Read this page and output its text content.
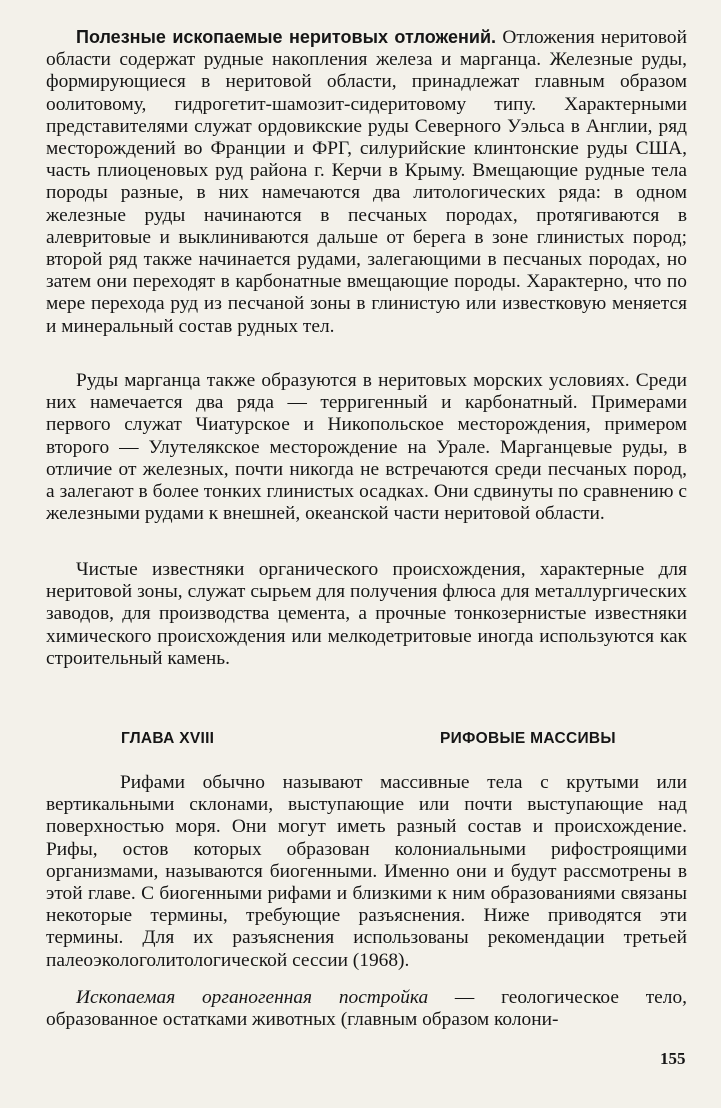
Полезные ископаемые неритовых отложений. Отложения неритовой области содержат рудные накопления железа и марганца. Железные руды, формирующиеся в неритовой области, принадлежат главным образом оолитовому, гидрогетит-шамозит-сидеритовому типу. Характерными представителями служат ордовикские руды Северного Уэльса в Англии, ряд месторождений во Франции и ФРГ, силурийские клинтонские руды США, часть плиоценовых руд района г. Керчи в Крыму. Вмещающие рудные тела породы разные, в них намечаются два литологических ряда: в одном железные руды начинаются в песчаных породах, протягиваются в алевритовые и выклиниваются дальше от берега в зоне глинистых пород; второй ряд также начинается рудами, залегающими в песчаных породах, но затем они переходят в карбонатные вмещающие породы. Характерно, что по мере перехода руд из песчаной зоны в глинистую или известковую меняется и минеральный состав рудных тел.

Руды марганца также образуются в неритовых морских условиях. Среди них намечается два ряда — терригенный и карбонатный. Примерами первого служат Чиатурское и Никопольское месторождения, примером второго — Улутелякское месторождение на Урале. Марганцевые руды, в отличие от железных, почти никогда не встречаются среди песчаных пород, а залегают в более тонких глинистых осадках. Они сдвинуты по сравнению с железными рудами к внешней, океанской части неритовой области.

Чистые известняки органического происхождения, характерные для неритовой зоны, служат сырьем для получения флюса для металлургических заводов, для производства цемента, а прочные тонкозернистые известняки химического происхождения или мелкодетритовые иногда используются как строительный камень.

ГЛАВА XVIII	РИФОВЫЕ МАССИВЫ

Рифами обычно называют массивные тела с крутыми или вертикальными склонами, выступающие или почти выступающие над поверхностью моря. Они могут иметь разный состав и происхождение. Рифы, остов которых образован колониальными рифостроящими организмами, называются биогенными. Именно они и будут рассмотрены в этой главе. С биогенными рифами и близкими к ним образованиями связаны некоторые термины, требующие разъяснения. Ниже приводятся эти термины. Для их разъяснения использованы рекомендации третьей палеоэкологолитологической сессии (1968).

Ископаемая органогенная постройка — геологическое тело, образованное остатками животных (главным образом колони-

155
